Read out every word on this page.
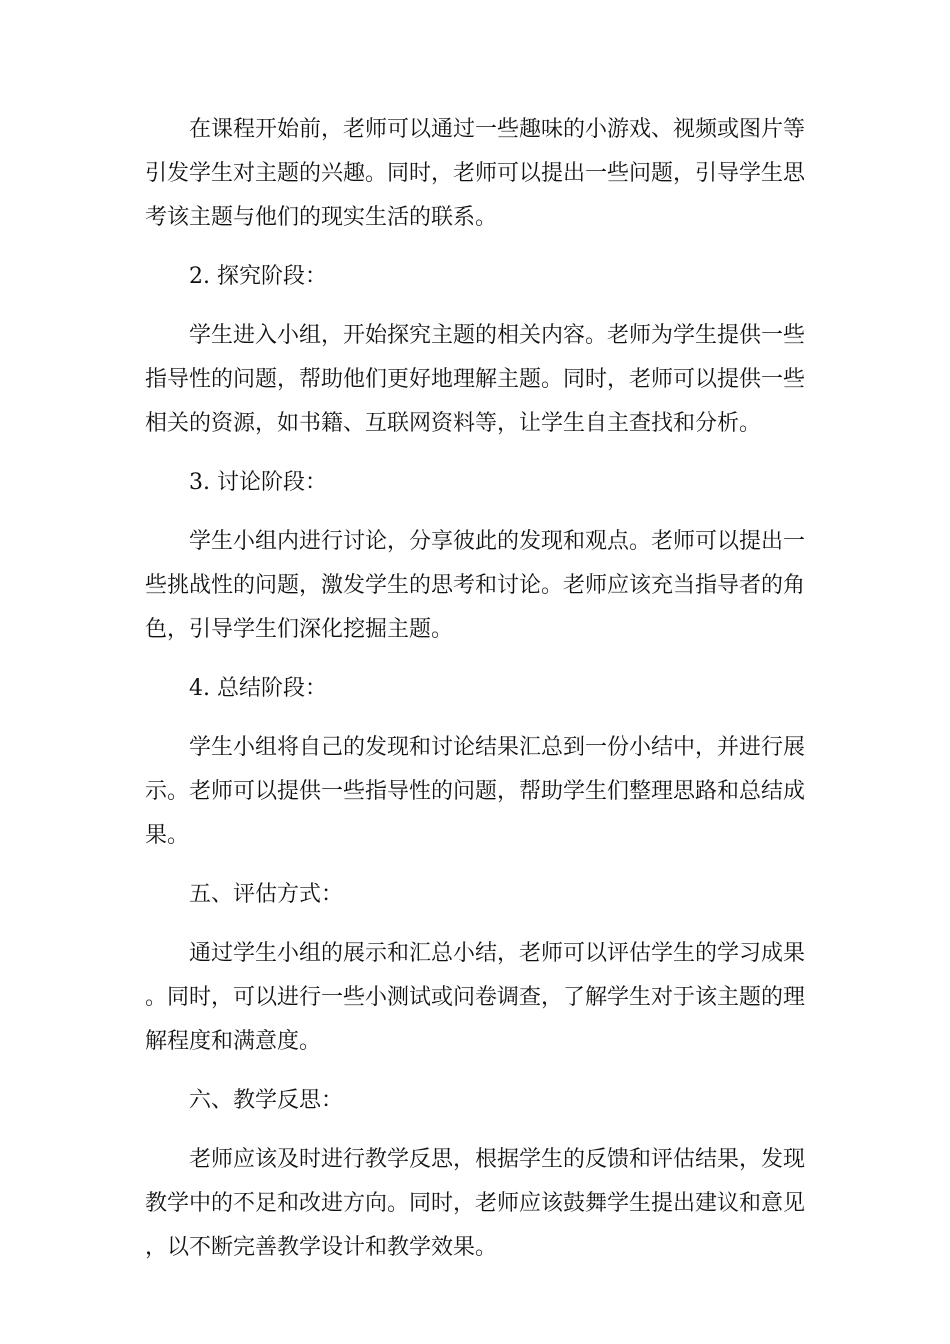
在课程开始前，老师可以通过一些趣味的小游戏、视频或图片等引发学生对主题的兴趣。同时，老师可以提出一些问题，引导学生思考该主题与他们的现实生活的联系。

2. 探究阶段：

学生进入小组，开始探究主题的相关内容。老师为学生提供一些指导性的问题，帮助他们更好地理解主题。同时，老师可以提供一些相关的资源，如书籍、互联网资料等，让学生自主查找和分析。

3. 讨论阶段：

学生小组内进行讨论，分享彼此的发现和观点。老师可以提出一些挑战性的问题，激发学生的思考和讨论。老师应该充当指导者的角色，引导学生们深化挖掘主题。

4. 总结阶段：

学生小组将自己的发现和讨论结果汇总到一份小结中，并进行展示。老师可以提供一些指导性的问题，帮助学生们整理思路和总结成果。

五、评估方式：

通过学生小组的展示和汇总小结，老师可以评估学生的学习成果。同时，可以进行一些小测试或问卷调查，了解学生对于该主题的理解程度和满意度。

六、教学反思：

老师应该及时进行教学反思，根据学生的反馈和评估结果，发现教学中的不足和改进方向。同时，老师应该鼓舞学生提出建议和意见，以不断完善教学设计和教学效果。
